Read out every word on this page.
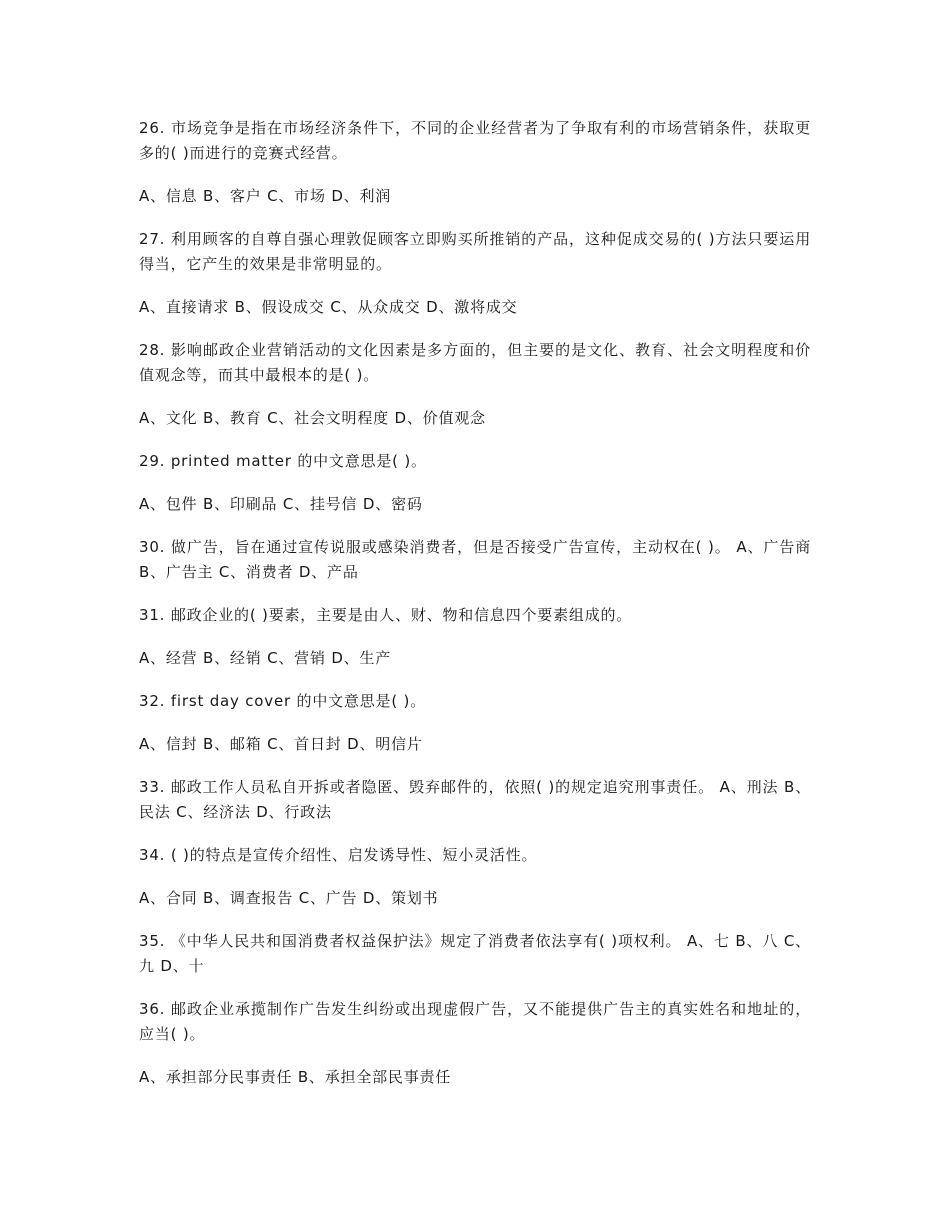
26. 市场竞争是指在市场经济条件下，不同的企业经营者为了争取有利的市场营销条件，获取更多的( )而进行的竞赛式经营。

A、信息 B、客户 C、市场 D、利润

27. 利用顾客的自尊自强心理敦促顾客立即购买所推销的产品，这种促成交易的( )方法只要运用得当，它产生的效果是非常明显的。

A、直接请求 B、假设成交 C、从众成交 D、激将成交

28. 影响邮政企业营销活动的文化因素是多方面的，但主要的是文化、教育、社会文明程度和价值观念等，而其中最根本的是( )。

A、文化 B、教育 C、社会文明程度 D、价值观念

29. printed matter 的中文意思是( )。

A、包件 B、印刷品 C、挂号信 D、密码

30. 做广告，旨在通过宣传说服或感染消费者，但是否接受广告宣传，主动权在( )。 A、广告商 B、广告主 C、消费者 D、产品

31. 邮政企业的( )要素，主要是由人、财、物和信息四个要素组成的。

A、经营 B、经销 C、营销 D、生产

32. first day cover 的中文意思是( )。

A、信封 B、邮箱 C、首日封 D、明信片

33. 邮政工作人员私自开拆或者隐匿、毁弃邮件的，依照( )的规定追究刑事责任。 A、刑法 B、民法 C、经济法 D、行政法

34. ( )的特点是宣传介绍性、启发诱导性、短小灵活性。

A、合同 B、调查报告 C、广告 D、策划书

35. 《中华人民共和国消费者权益保护法》规定了消费者依法享有( )项权利。 A、七 B、八 C、九 D、十

36. 邮政企业承揽制作广告发生纠纷或出现虚假广告，又不能提供广告主的真实姓名和地址的，应当( )。

A、承担部分民事责任 B、承担全部民事责任
